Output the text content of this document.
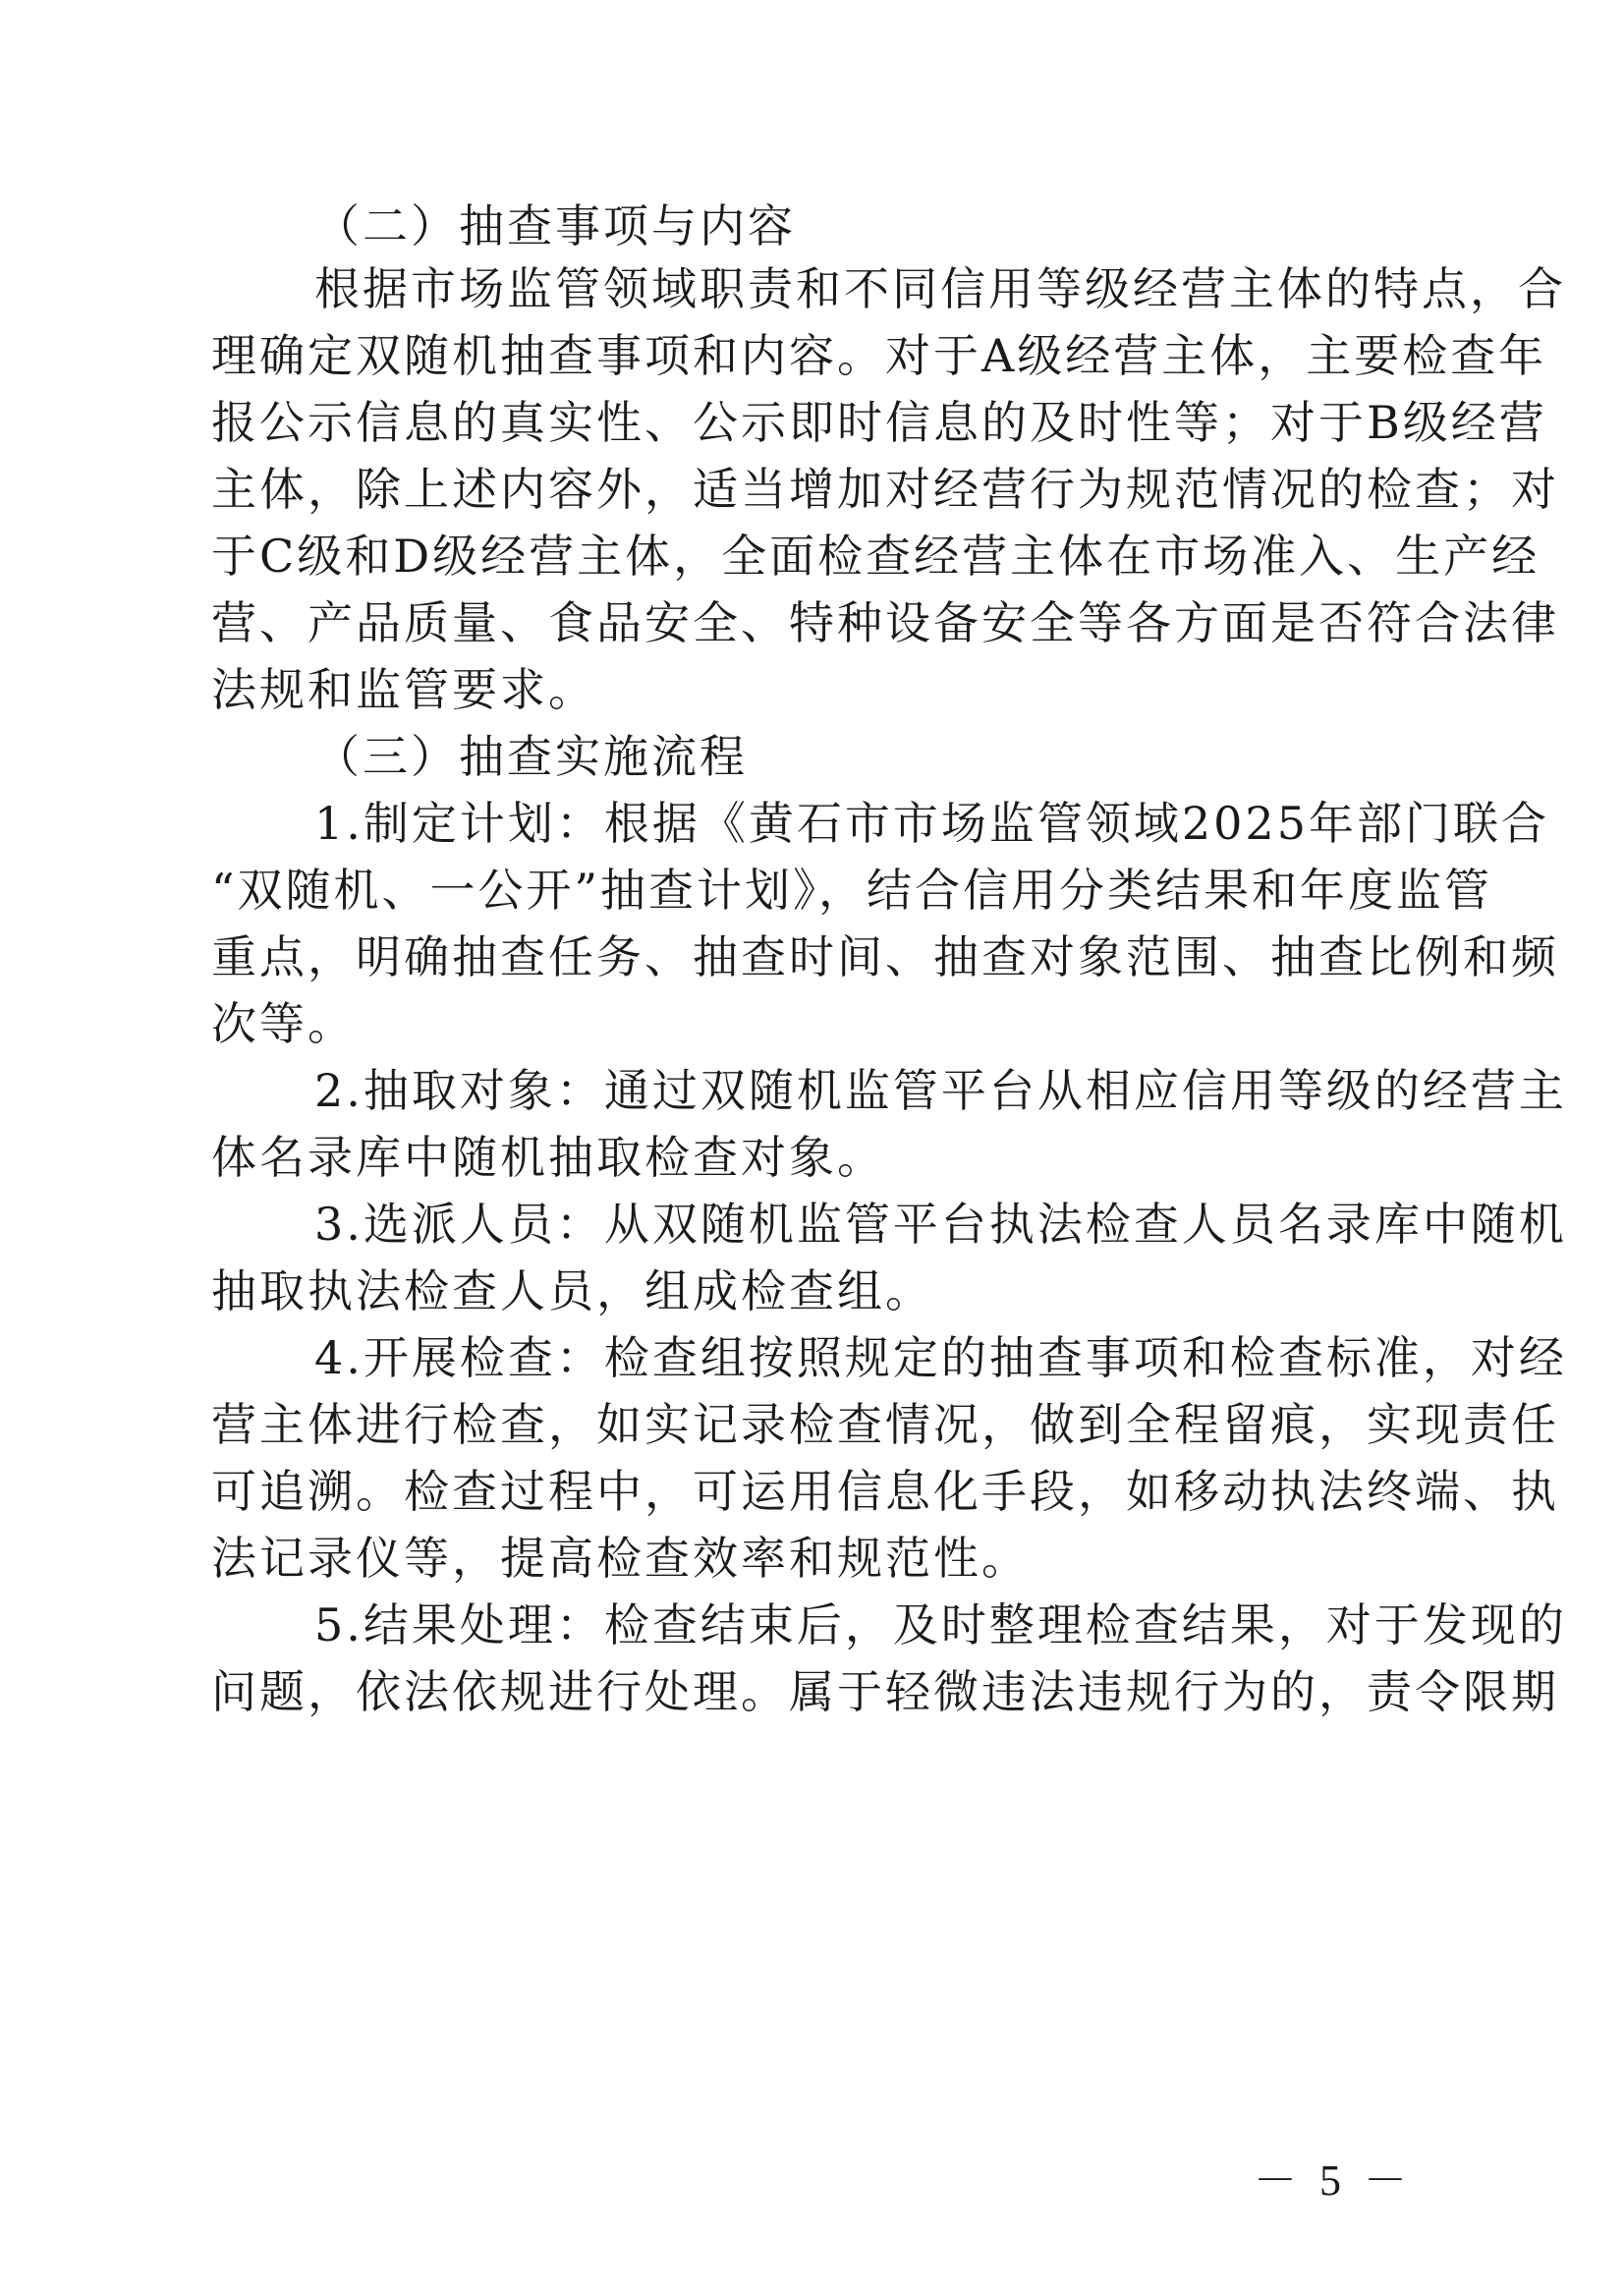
（二）抽查事项与内容
根据市场监管领域职责和不同信用等级经营主体的特点，合
理确定双随机抽查事项和内容。对于A级经营主体，主要检查年
报公示信息的真实性、公示即时信息的及时性等；对于B级经营
主体，除上述内容外，适当增加对经营行为规范情况的检查；对
于C级和D级经营主体，全面检查经营主体在市场准入、生产经
营、产品质量、食品安全、特种设备安全等各方面是否符合法律
法规和监管要求。
（三）抽查实施流程
1.制定计划：根据《黄石市市场监管领域2025年部门联合
“双随机、一公开”抽查计划》，结合信用分类结果和年度监管
重点，明确抽查任务、抽查时间、抽查对象范围、抽查比例和频
次等。
2.抽取对象：通过双随机监管平台从相应信用等级的经营主
体名录库中随机抽取检查对象。
3.选派人员：从双随机监管平台执法检查人员名录库中随机
抽取执法检查人员，组成检查组。
4.开展检查：检查组按照规定的抽查事项和检查标准，对经
营主体进行检查，如实记录检查情况，做到全程留痕，实现责任
可追溯。检查过程中，可运用信息化手段，如移动执法终端、执
法记录仪等，提高检查效率和规范性。
5.结果处理：检查结束后，及时整理检查结果，对于发现的
问题，依法依规进行处理。属于轻微违法违规行为的，责令限期
－ 5 －
